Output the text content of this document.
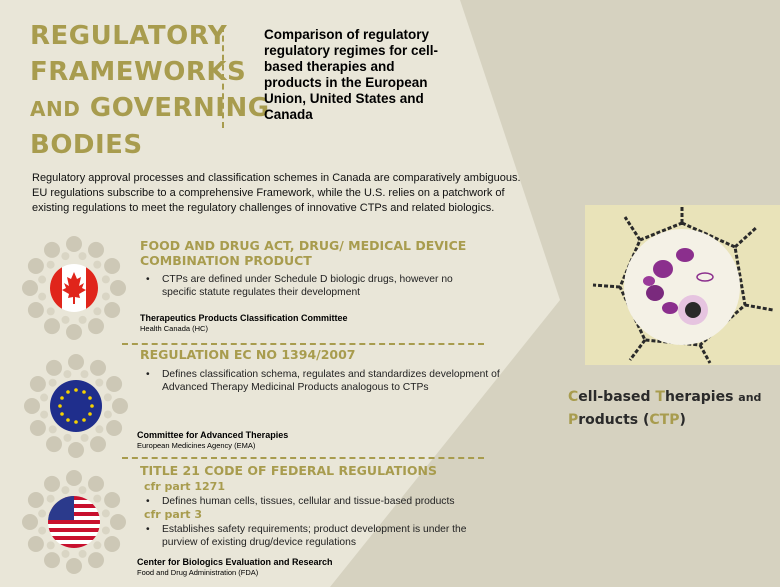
REGULATORY
FRAMEWORKS
AND GOVERNING
BODIES
Comparison of regulatory regulatory regimes for cell-based therapies and products in the European Union, United States and Canada
Regulatory approval processes and classification schemes in Canada are comparatively ambiguous. EU regulations subscribe to a comprehensive Framework, while the U.S. relies on a patchwork of existing regulations to meet the regulatory challenges of innovative CTPs and related biologics.
FOOD AND DRUG ACT, DRUG/ MEDICAL DEVICE COMBINATION PRODUCT
• CTPs are defined under Schedule D biologic drugs, however no specific statute regulates their development
Therapeutics Products Classification Committee
Health Canada (HC)
REGULATION EC NO 1394/2007
• Defines classification schema, regulates and standardizes development of Advanced Therapy Medicinal Products analogous to CTPs
Committee for Advanced Therapies
European Medicines Agency (EMA)
TITLE 21 CODE OF FEDERAL REGULATIONS
cfr part 1271
• Defines human cells, tissues, cellular and tissue-based products
cfr part 3
• Establishes safety requirements; product development is under the purview of existing drug/device regulations
Center for Biologics Evaluation and Research
Food and Drug Administration (FDA)
Cell-based Therapies and
Products (CTP)
